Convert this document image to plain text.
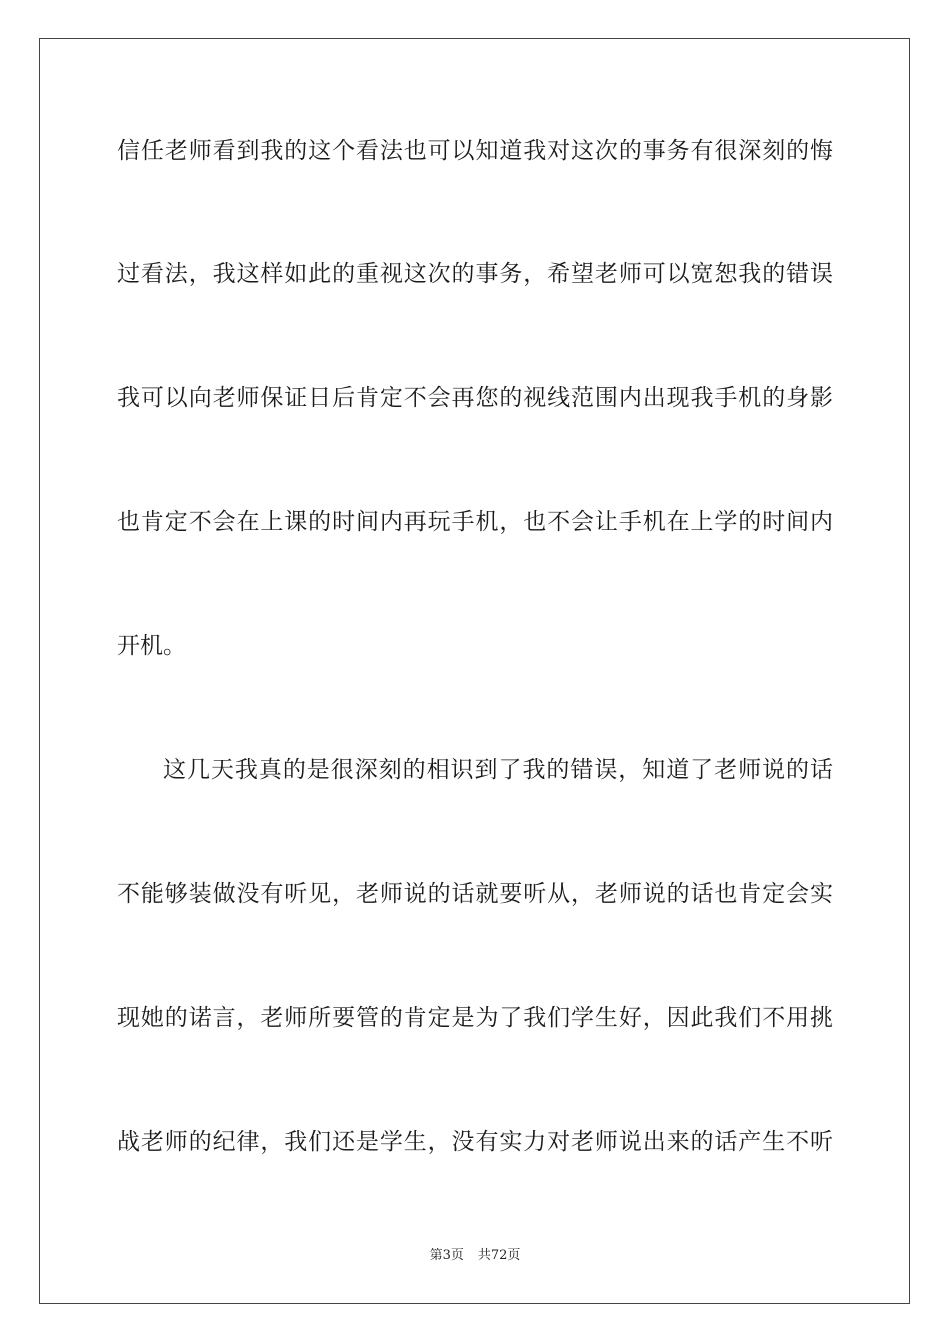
信任老师看到我的这个看法也可以知道我对这次的事务有很深刻的悔
过看法，我这样如此的重视这次的事务，希望老师可以宽恕我的错误
我可以向老师保证日后肯定不会再您的视线范围内出现我手机的身影
也肯定不会在上课的时间内再玩手机，也不会让手机在上学的时间内
开机。
这几天我真的是很深刻的相识到了我的错误，知道了老师说的话
不能够装做没有听见，老师说的话就要听从，老师说的话也肯定会实
现她的诺言，老师所要管的肯定是为了我们学生好，因此我们不用挑
战老师的纪律，我们还是学生，没有实力对老师说出来的话产生不听
第3页 共72页
